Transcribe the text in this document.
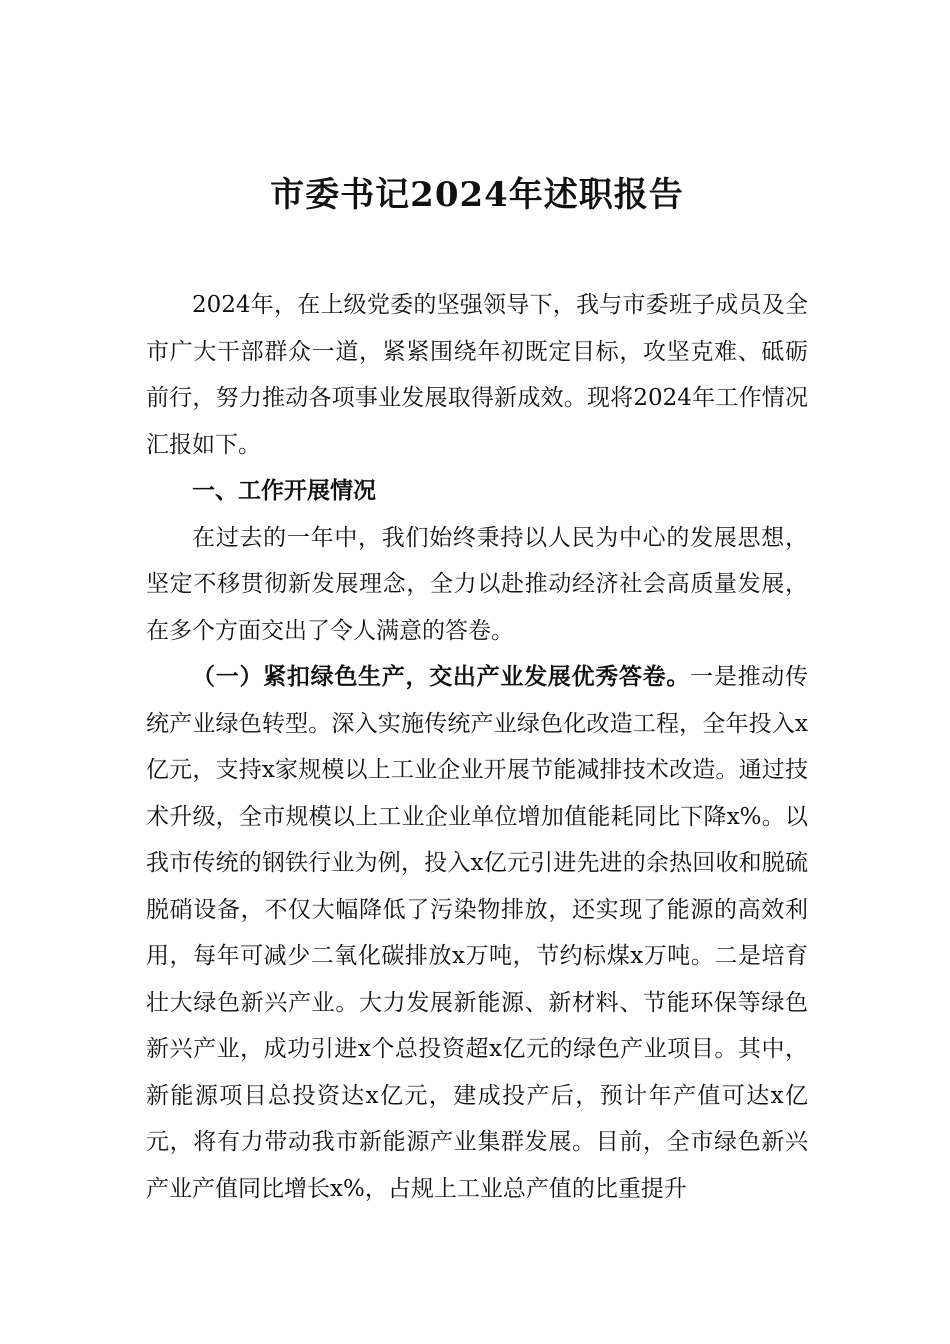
市委书记2024年述职报告

2024年，在上级党委的坚强领导下，我与市委班子成员及全市广大干部群众一道，紧紧围绕年初既定目标，攻坚克难、砥砺前行，努力推动各项事业发展取得新成效。现将2024年工作情况汇报如下。

一、工作开展情况

在过去的一年中，我们始终秉持以人民为中心的发展思想，坚定不移贯彻新发展理念，全力以赴推动经济社会高质量发展，在多个方面交出了令人满意的答卷。

（一）紧扣绿色生产，交出产业发展优秀答卷。一是推动传统产业绿色转型。深入实施传统产业绿色化改造工程，全年投入x亿元，支持x家规模以上工业企业开展节能减排技术改造。通过技术升级，全市规模以上工业企业单位增加值能耗同比下降x%。以我市传统的钢铁行业为例，投入x亿元引进先进的余热回收和脱硫脱硝设备，不仅大幅降低了污染物排放，还实现了能源的高效利用，每年可减少二氧化碳排放x万吨，节约标煤x万吨。二是培育壮大绿色新兴产业。大力发展新能源、新材料、节能环保等绿色新兴产业，成功引进x个总投资超x亿元的绿色产业项目。其中，新能源项目总投资达x亿元，建成投产后，预计年产值可达x亿元，将有力带动我市新能源产业集群发展。目前，全市绿色新兴产业产值同比增长x%，占规上工业总产值的比重提升
